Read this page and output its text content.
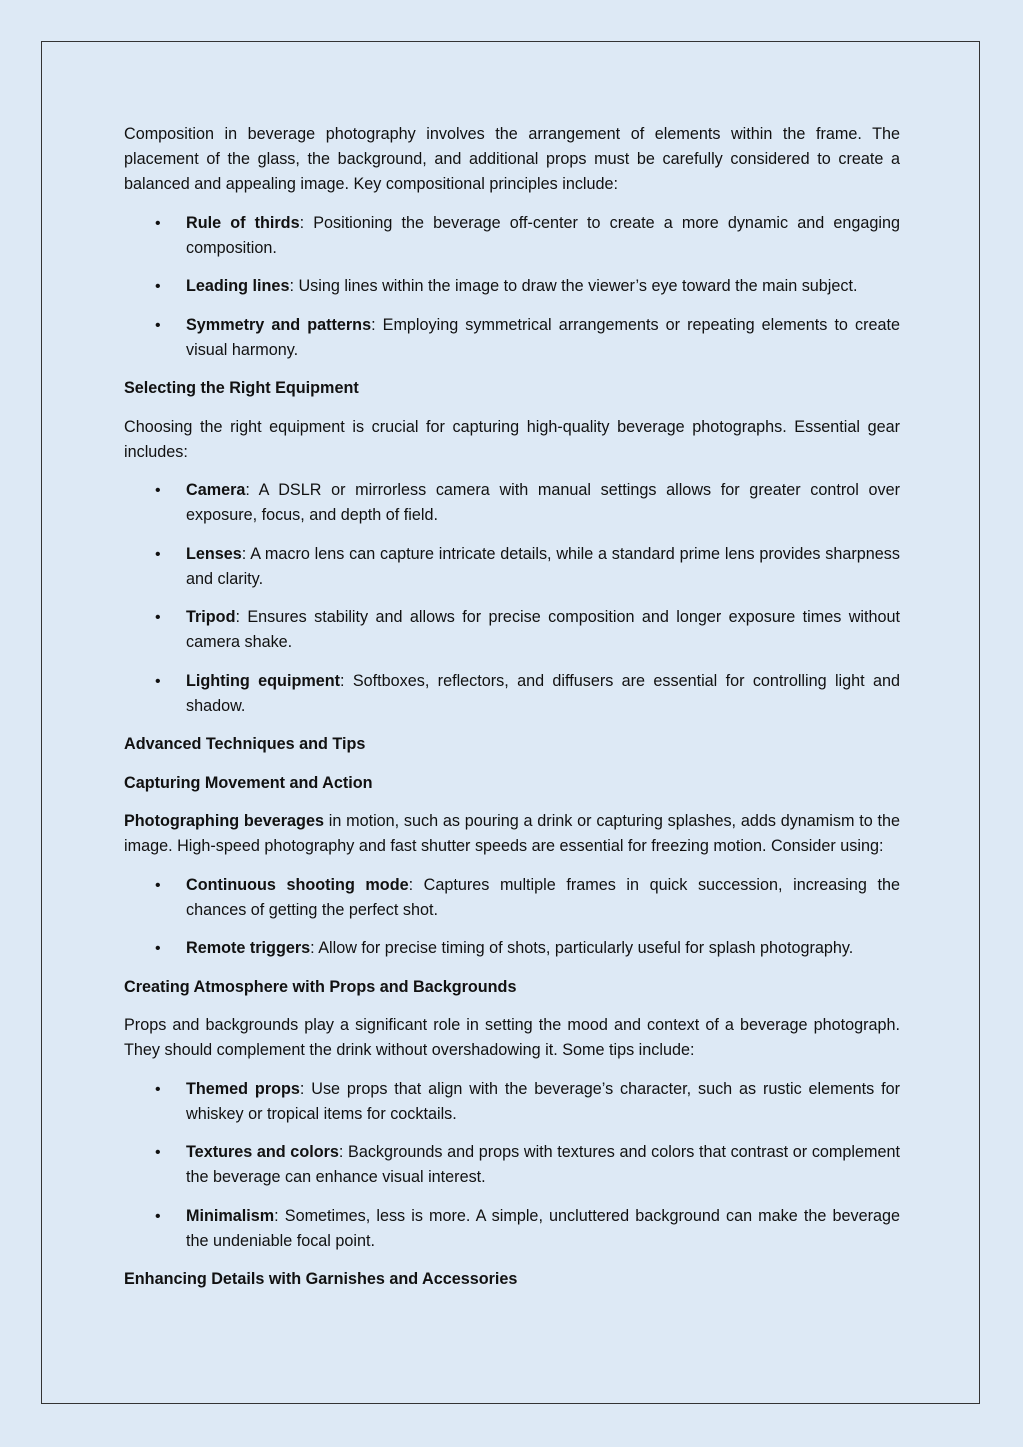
Composition in beverage photography involves the arrangement of elements within the frame. The placement of the glass, the background, and additional props must be carefully considered to create a balanced and appealing image. Key compositional principles include:

• Rule of thirds: Positioning the beverage off-center to create a more dynamic and engaging composition.
• Leading lines: Using lines within the image to draw the viewer’s eye toward the main subject.
• Symmetry and patterns: Employing symmetrical arrangements or repeating elements to create visual harmony.
Selecting the Right Equipment

Choosing the right equipment is crucial for capturing high-quality beverage photographs. Essential gear includes:

• Camera: A DSLR or mirrorless camera with manual settings allows for greater control over exposure, focus, and depth of field.
• Lenses: A macro lens can capture intricate details, while a standard prime lens provides sharpness and clarity.
• Tripod: Ensures stability and allows for precise composition and longer exposure times without camera shake.
• Lighting equipment: Softboxes, reflectors, and diffusers are essential for controlling light and shadow.
Advanced Techniques and Tips
Capturing Movement and Action

Photographing beverages in motion, such as pouring a drink or capturing splashes, adds dynamism to the image. High-speed photography and fast shutter speeds are essential for freezing motion. Consider using:

• Continuous shooting mode: Captures multiple frames in quick succession, increasing the chances of getting the perfect shot.
• Remote triggers: Allow for precise timing of shots, particularly useful for splash photography.
Creating Atmosphere with Props and Backgrounds

Props and backgrounds play a significant role in setting the mood and context of a beverage photograph. They should complement the drink without overshadowing it. Some tips include:

• Themed props: Use props that align with the beverage’s character, such as rustic elements for whiskey or tropical items for cocktails.
• Textures and colors: Backgrounds and props with textures and colors that contrast or complement the beverage can enhance visual interest.
• Minimalism: Sometimes, less is more. A simple, uncluttered background can make the beverage the undeniable focal point.
Enhancing Details with Garnishes and Accessories
